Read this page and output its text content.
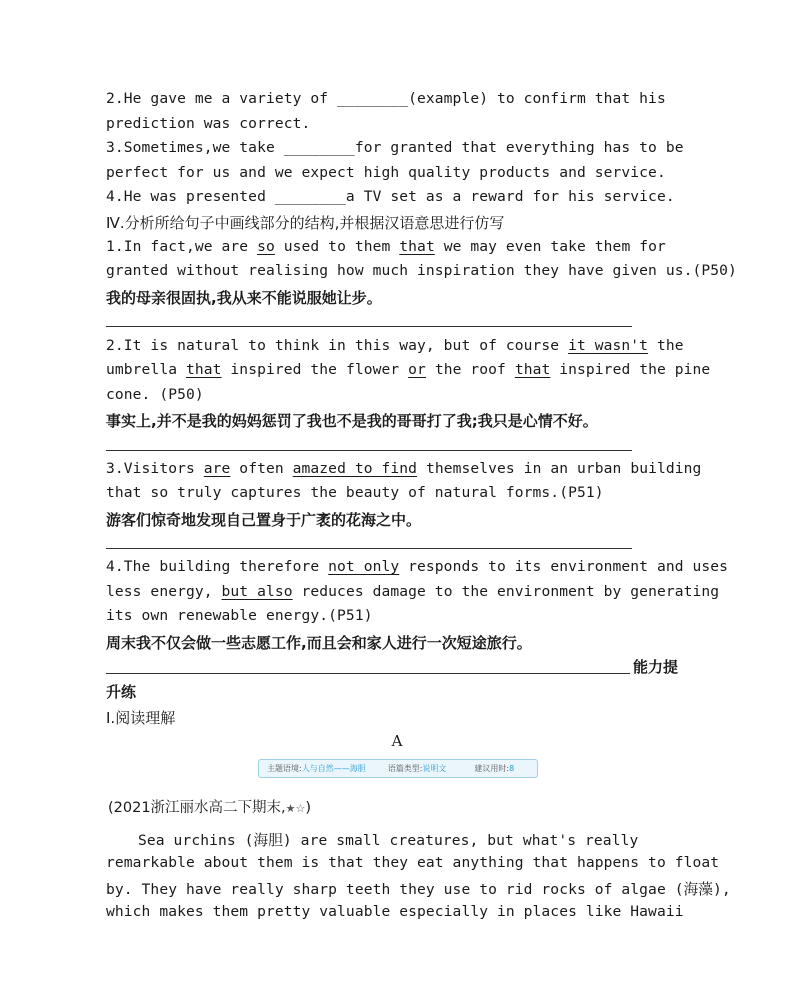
2.He gave me a variety of ________(example) to confirm that his
prediction was correct.
3.Sometimes,we take ________for granted that everything has to be
perfect for us and we expect high quality products and service.
4.He was presented ________a TV set as a reward for his service.
Ⅳ.分析所给句子中画线部分的结构,并根据汉语意思进行仿写
1.In fact,we are so used to them that we may even take them for
granted without realising how much inspiration they have given us.(P50)
我的母亲很固执,我从来不能说服她让步。
2.It is natural to think in this way, but of course it wasn't the
umbrella that inspired the flower or the roof that inspired the pine
cone. (P50)
事实上,并不是我的妈妈惩罚了我也不是我的哥哥打了我;我只是心情不好。
3.Visitors are often amazed to find themselves in an urban building
that so truly captures the beauty of natural forms.(P51)
游客们惊奇地发现自己置身于广袤的花海之中。
4.The building therefore not only responds to its environment and uses
less energy, but also reduces damage to the environment by generating
its own renewable energy.(P51)
周末我不仅会做一些志愿工作,而且会和家人进行一次短途旅行。
能力提
升练
Ⅰ.阅读理解
A
主题语境: 人与自然——海胆	语篇类型: 说明文	建议用时: 8
(2021浙江丽水高二下期末,★☆)
Sea urchins (海胆) are small creatures, but what's really
remarkable about them is that they eat anything that happens to float
by. They have really sharp teeth they use to rid rocks of algae (海藻),
which makes them pretty valuable especially in places like Hawaii
